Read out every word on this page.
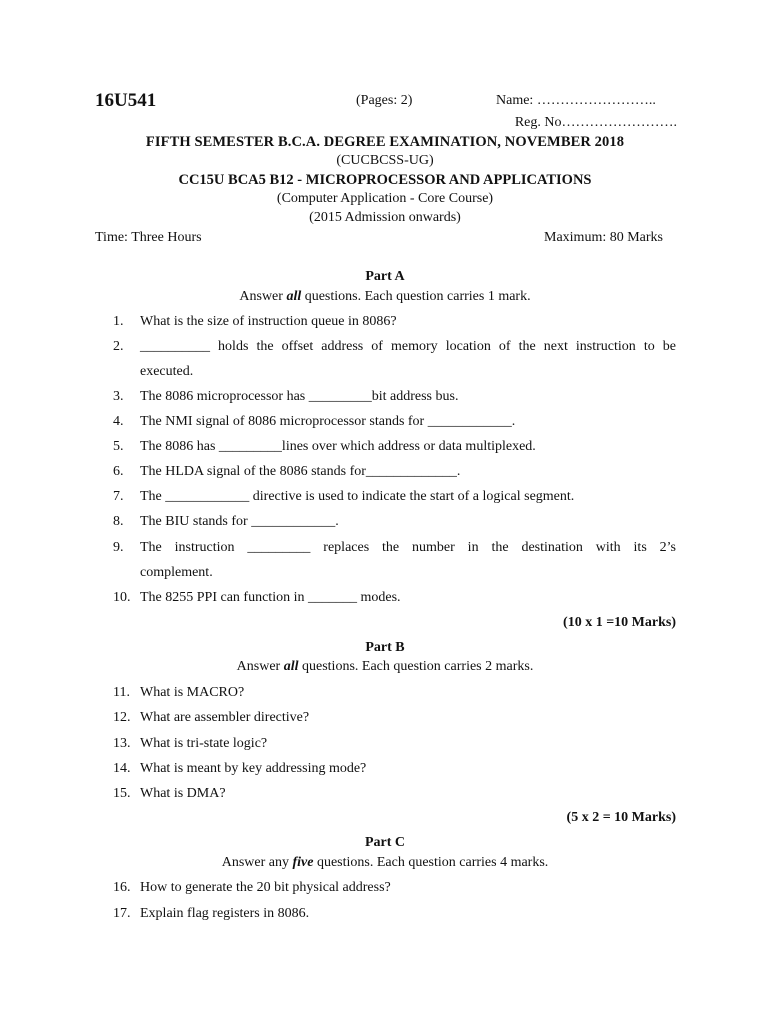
16U541	(Pages: 2)	Name: ……………………..
Reg. No…………………….
FIFTH SEMESTER B.C.A. DEGREE EXAMINATION, NOVEMBER 2018
(CUCBCSS-UG)
CC15U BCA5 B12 - MICROPROCESSOR AND APPLICATIONS
(Computer Application - Core Course)
(2015 Admission onwards)
Time: Three Hours	Maximum: 80 Marks
Part A
Answer all questions. Each question carries 1 mark.
1.	What is the size of instruction queue in 8086?
2.	__________ holds the offset address of memory location of the next instruction to be
executed.
3.	The 8086 microprocessor has _________bit address bus.
4.	The NMI signal of 8086 microprocessor stands for ____________.
5.	The 8086 has _________lines over which address or data multiplexed.
6.	The HLDA signal of the 8086 stands for_____________.
7.	The ____________ directive is used to indicate the start of a logical segment.
8.	The BIU stands for ____________.
9.	The instruction _________ replaces the number in the destination with its 2’s
complement.
10. The 8255 PPI can function in _______ modes.
(10 x 1 =10 Marks)
Part B
Answer all questions. Each question carries 2 marks.
11. What is MACRO?
12. What are assembler directive?
13. What is tri-state logic?
14. What is meant by key addressing mode?
15. What is DMA?
(5 x 2 = 10 Marks)
Part C
Answer any five questions. Each question carries 4 marks.
16. How to generate the 20 bit physical address?
17. Explain flag registers in 8086.
